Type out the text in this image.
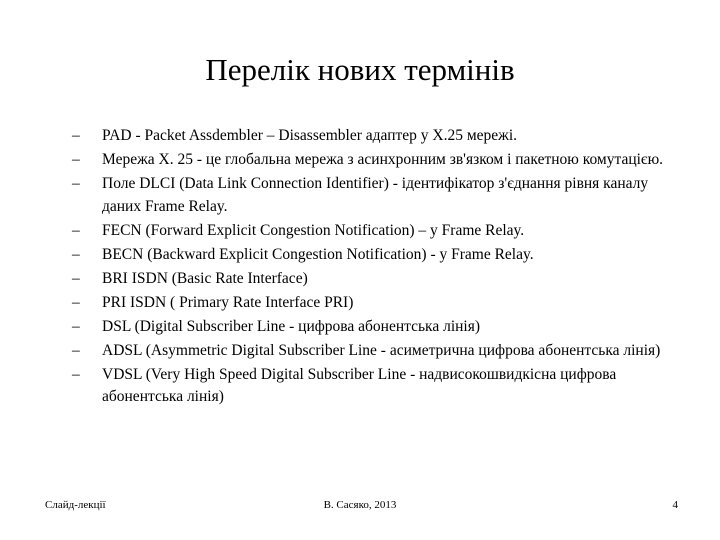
Перелік нових термінів
– PAD - Packet Assdembler – Disassembler адаптер у X.25 мережі.
– Мережа X. 25 - це глобальна мережа з асинхронним зв'язком і пакетною комутацією.
– Поле DLCI (Data Link Connection Identifier) - ідентифікатор з'єднання рівня каналу даних Frame Relay.
– FECN (Forward Explicit Congestion Notification) – у Frame Relay.
– BECN (Backward Explicit Congestion Notification) - у Frame Relay.
– BRI ISDN (Basic Rate Interface)
– PRI ISDN ( Primary Rate Interface PRI)
– DSL (Digital Subscriber Line - цифрова абонентська лінія)
– ADSL (Asymmetric Digital Subscriber Line - асиметрична цифрова абонентська лінія)
– VDSL (Very High Speed Digital Subscriber Line - надвисокошвидкісна цифрова абонентська лінія)
Слайд-лекції	В. Сасяко, 2013	4
